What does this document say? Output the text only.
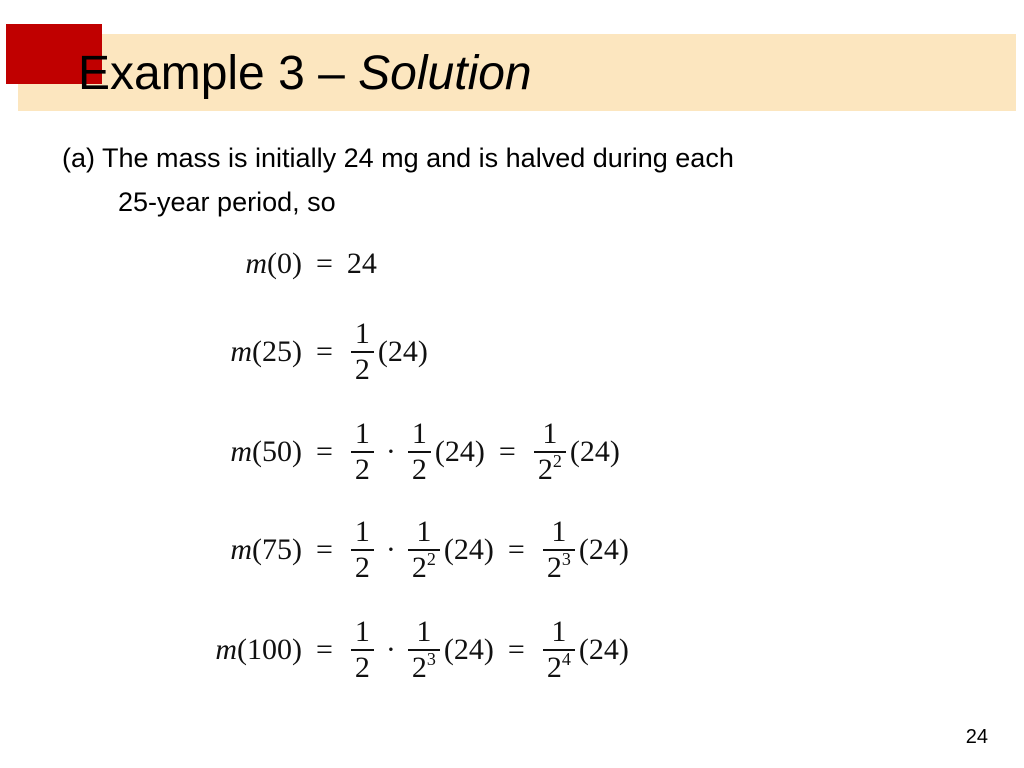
Example 3 – Solution
(a) The mass is initially 24 mg and is halved during each
25-year period, so
m(0) = 24
$m(25) = \frac{1}{2} (24)$
$m(50) = \frac{1}{2} \cdot \frac{1}{2} (24) = \frac{1}{2^2} (24)$
$m(75) = \frac{1}{2} \cdot \frac{1}{2^2} (24) = \frac{1}{2^3} (24)$
$m(100) = \frac{1}{2} \cdot \frac{1}{2^3} (24) = \frac{1}{2^4} (24)$
24
